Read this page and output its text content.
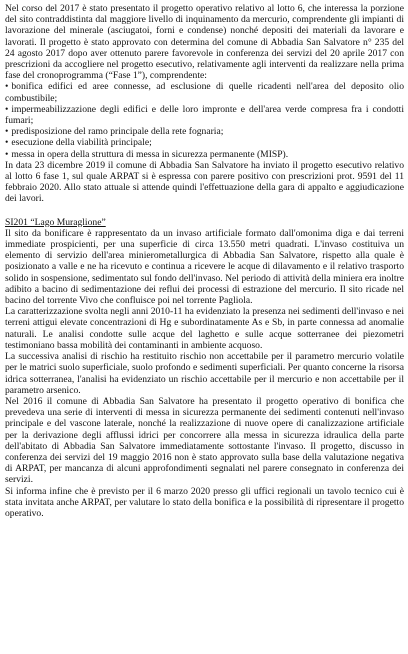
Nel corso del 2017 è stato presentato il progetto operativo relativo al lotto 6, che interessa la porzione del sito contraddistinta dal maggiore livello di inquinamento da mercurio, comprendente gli impianti di lavorazione del minerale (asciugatoi, forni e condense) nonché depositi dei materiali da lavorare e lavorati. Il progetto è stato approvato con determina del comune di Abbadia San Salvatore n° 235 del 24 agosto 2017 dopo aver ottenuto parere favorevole in conferenza dei servizi del 20 aprile 2017 con prescrizioni da accogliere nel progetto esecutivo, relativamente agli interventi da realizzare nella prima fase del cronoprogramma (“Fase 1”), comprendente:

• bonifica edifici ed aree connesse, ad esclusione di quelle ricadenti nell'area del deposito olio combustibile;
• impermeabilizzazione degli edifici e delle loro impronte e dell'area verde compresa fra i condotti fumari;
• predisposizione del ramo principale della rete fognaria;
• esecuzione della viabilità principale;
• messa in opera della struttura di messa in sicurezza permanente (MISP).

In data 23 dicembre 2019 il comune di Abbadia San Salvatore ha inviato il progetto esecutivo relativo al lotto 6 fase 1, sul quale ARPAT si è espressa con parere positivo con prescrizioni prot. 9591 del 11 febbraio 2020. Allo stato attuale si attende quindi l'effettuazione della gara di appalto e aggiudicazione dei lavori.

SI201 “Lago Muraglione”

Il sito da bonificare è rappresentato da un invaso artificiale formato dall'omonima diga e dai terreni immediate prospicienti, per una superficie di circa 13.550 metri quadrati. L'invaso costituiva un elemento di servizio dell'area minierometallurgica di Abbadia San Salvatore, rispetto alla quale è posizionato a valle e ne ha ricevuto e continua a ricevere le acque di dilavamento e il relativo trasporto solido in sospensione, sedimentato sul fondo dell'invaso. Nel periodo di attività della miniera era inoltre adibito a bacino di sedimentazione dei reflui dei processi di estrazione del mercurio. Il sito ricade nel bacino del torrente Vivo che confluisce poi nel torrente Pagliola.

La caratterizzazione svolta negli anni 2010-11 ha evidenziato la presenza nei sedimenti dell'invaso e nei terreni attigui elevate concentrazioni di Hg e subordinatamente As e Sb, in parte connessa ad anomalie naturali. Le analisi condotte sulle acque del laghetto e sulle acque sotterranee dei piezometri testimoniano bassa mobilità dei contaminanti in ambiente acquoso.

La successiva analisi di rischio ha restituito rischio non accettabile per il parametro mercurio volatile per le matrici suolo superficiale, suolo profondo e sedimenti superficiali. Per quanto concerne la risorsa idrica sotterranea, l'analisi ha evidenziato un rischio accettabile per il mercurio e non accettabile per il parametro arsenico.

Nel 2016 il comune di Abbadia San Salvatore ha presentato il progetto operativo di bonifica che prevedeva una serie di interventi di messa in sicurezza permanente dei sedimenti contenuti nell'invaso principale e del vascone laterale, nonché la realizzazione di nuove opere di canalizzazione artificiale per la derivazione degli afflussi idrici per concorrere alla messa in sicurezza idraulica della parte dell'abitato di Abbadia San Salvatore immediatamente sottostante l'invaso. Il progetto, discusso in conferenza dei servizi del 19 maggio 2016 non è stato approvato sulla base della valutazione negativa di ARPAT, per mancanza di alcuni approfondimenti segnalati nel parere consegnato in conferenza dei servizi.

Si informa infine che è previsto per il 6 marzo 2020 presso gli uffici regionali un tavolo tecnico cui è stata invitata anche ARPAT, per valutare lo stato della bonifica e la possibilità di ripresentare il progetto operativo.
